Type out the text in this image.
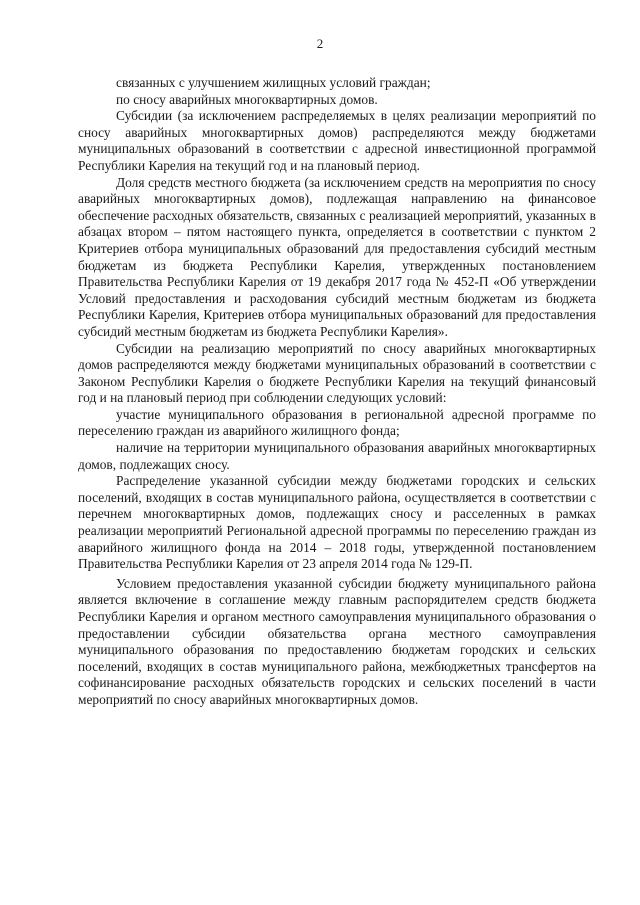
2

связанных с улучшением жилищных условий граждан;

по сносу аварийных многоквартирных домов.

Субсидии (за исключением распределяемых в целях реализации мероприятий по сносу аварийных многоквартирных домов) распределяются между бюджетами муниципальных образований в соответствии с адресной инвестиционной программой Республики Карелия на текущий год и на плановый период.

Доля средств местного бюджета (за исключением средств на мероприятия по сносу аварийных многоквартирных домов), подлежащая направлению на финансовое обеспечение расходных обязательств, связанных с реализацией мероприятий, указанных в абзацах втором – пятом настоящего пункта, определяется в соответствии с пунктом 2 Критериев отбора муниципальных образований для предоставления субсидий местным бюджетам из бюджета Республики Карелия, утвержденных постановлением Правительства Республики Карелия от 19 декабря 2017 года № 452-П «Об утверждении Условий предоставления и расходования субсидий местным бюджетам из бюджета Республики Карелия, Критериев отбора муниципальных образований для предоставления субсидий местным бюджетам из бюджета Республики Карелия».

Субсидии на реализацию мероприятий по сносу аварийных многоквартирных домов распределяются между бюджетами муниципальных образований в соответствии с Законом Республики Карелия о бюджете Республики Карелия на текущий финансовый год и на плановый период при соблюдении следующих условий:

участие муниципального образования в региональной адресной программе по переселению граждан из аварийного жилищного фонда;

наличие на территории муниципального образования аварийных многоквартирных домов, подлежащих сносу.

Распределение указанной субсидии между бюджетами городских и сельских поселений, входящих в состав муниципального района, осуществляется в соответствии с перечнем многоквартирных домов, подлежащих сносу и расселенных в рамках реализации мероприятий Региональной адресной программы по переселению граждан из аварийного жилищного фонда на 2014 – 2018 годы, утвержденной постановлением Правительства Республики Карелия от 23 апреля 2014 года № 129-П.

Условием предоставления указанной субсидии бюджету муниципального района является включение в соглашение между главным распорядителем средств бюджета Республики Карелия и органом местного самоуправления муниципального образования о предоставлении субсидии обязательства органа местного самоуправления муниципального образования по предоставлению бюджетам городских и сельских поселений, входящих в состав муниципального района, межбюджетных трансфертов на софинансирование расходных обязательств городских и сельских поселений в части мероприятий по сносу аварийных многоквартирных домов.
